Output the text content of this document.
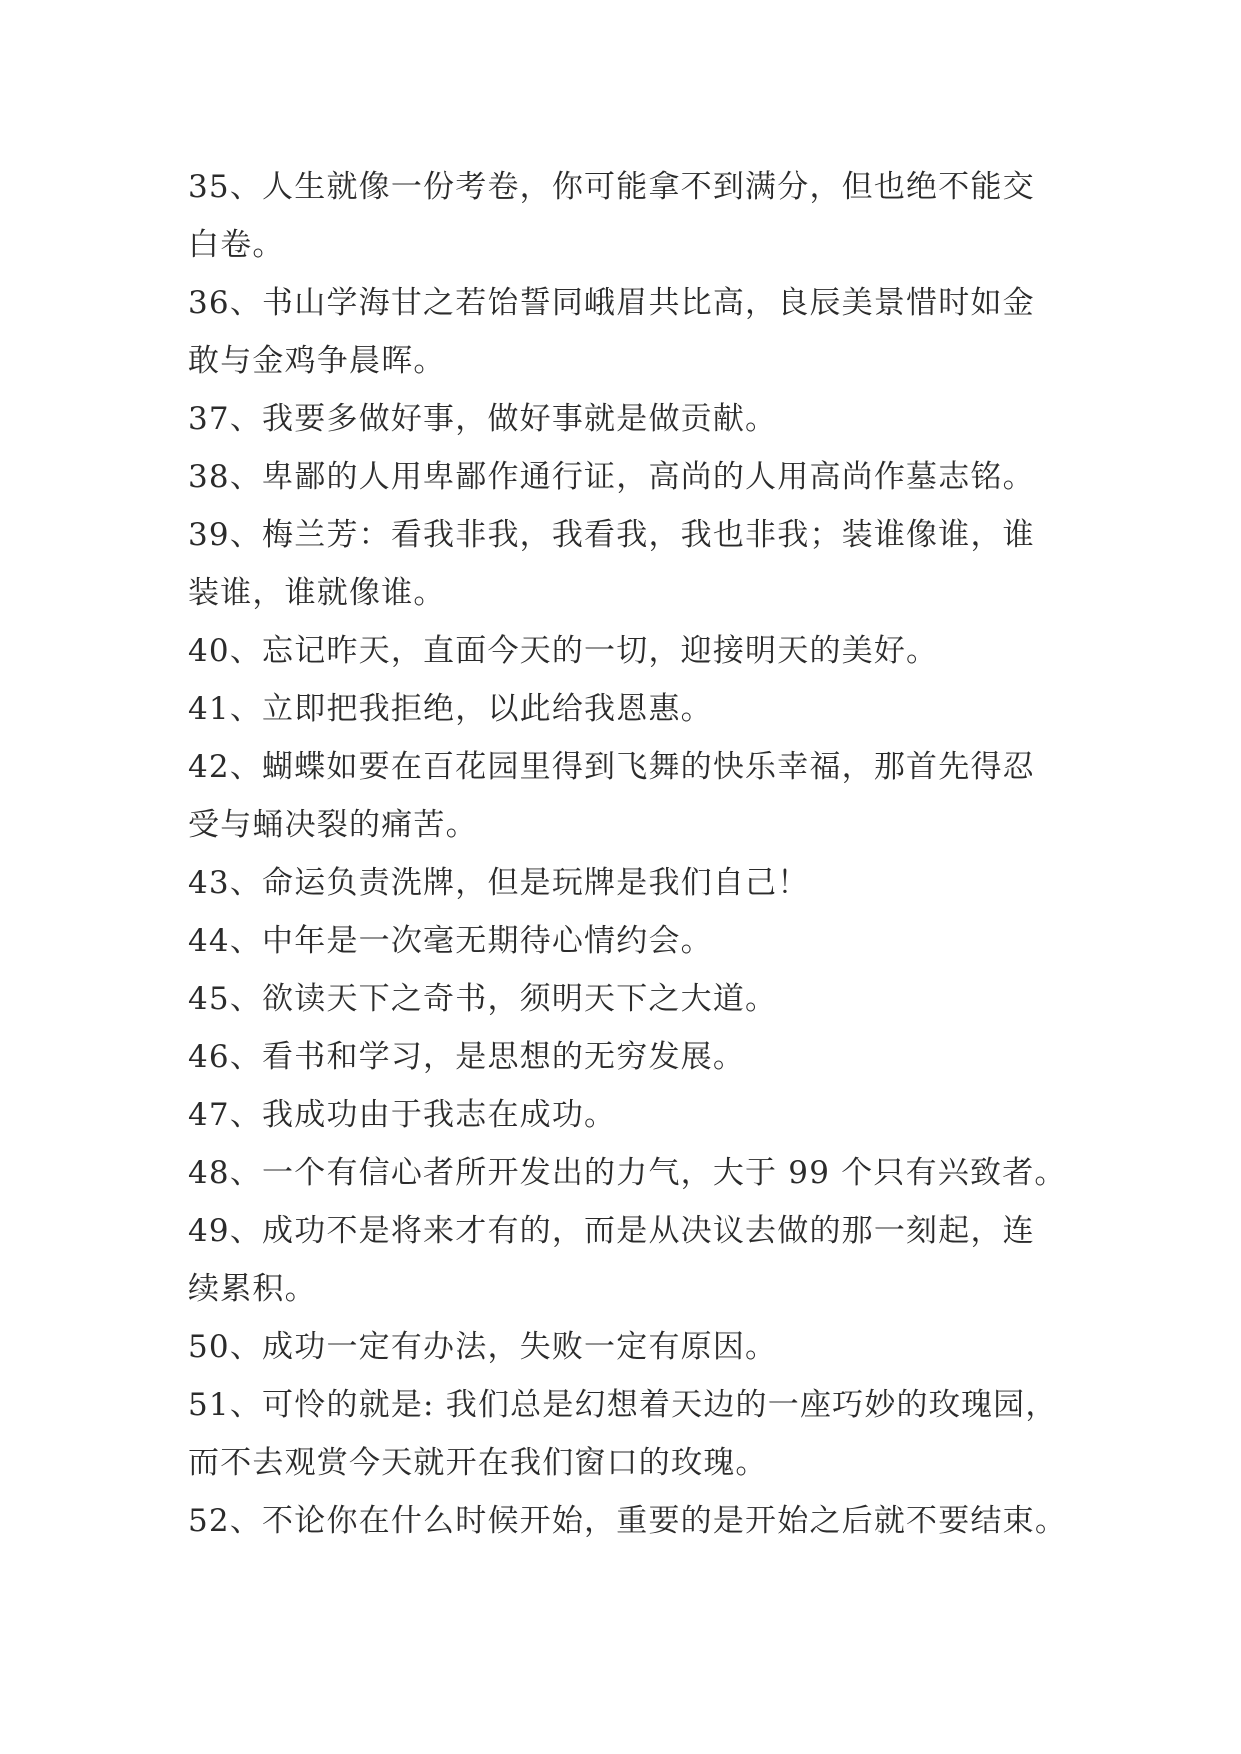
35、人生就像一份考卷，你可能拿不到满分，但也绝不能交
白卷。
36、书山学海甘之若饴誓同峨眉共比高，良辰美景惜时如金
敢与金鸡争晨晖。
37、我要多做好事，做好事就是做贡献。
38、卑鄙的人用卑鄙作通行证，高尚的人用高尚作墓志铭。
39、梅兰芳：看我非我，我看我，我也非我；装谁像谁，谁
装谁，谁就像谁。
40、忘记昨天，直面今天的一切，迎接明天的美好。
41、立即把我拒绝，以此给我恩惠。
42、蝴蝶如要在百花园里得到飞舞的快乐幸福，那首先得忍
受与蛹决裂的痛苦。
43、命运负责洗牌，但是玩牌是我们自己！
44、中年是一次毫无期待心情约会。
45、欲读天下之奇书，须明天下之大道。
46、看书和学习，是思想的无穷发展。
47、我成功由于我志在成功。
48、一个有信心者所开发出的力气，大于 99 个只有兴致者。
49、成功不是将来才有的，而是从决议去做的那一刻起，连
续累积。
50、成功一定有办法，失败一定有原因。
51、可怜的就是: 我们总是幻想着天边的一座巧妙的玫瑰园，
而不去观赏今天就开在我们窗口的玫瑰。
52、不论你在什么时候开始，重要的是开始之后就不要结束。
